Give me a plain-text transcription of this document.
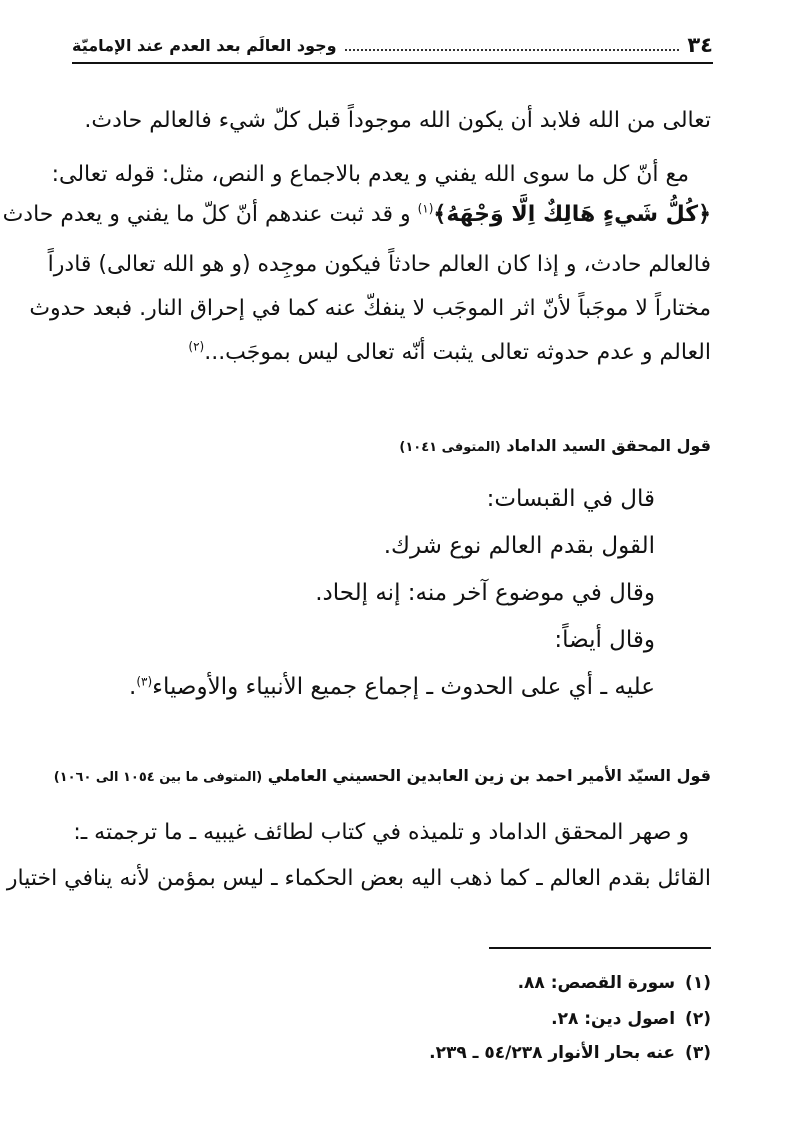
٣٤
وجود العالَم بعد العدم عند الإماميّة
تعالى من الله فلابد أن يكون الله موجوداً قبل كلّ شيء فالعالم حادث.
مع أنّ كل ما سوى الله يفني و يعدم بالاجماع و النص، مثل: قوله تعالى:
﴿كُلُّ شَيءٍ هَالِكٌ اِلَّا وَجْهَهُ﴾$^{(١)}$ و قد ثبت عندهم أنّ كلّ ما يفني و يعدم حادث
فالعالم حادث، و إذا كان العالم حادثاً فيكون موجِده (و هو الله تعالى) قادراً
مختاراً لا موجَباً لأنّ اثر الموجَب لا ينفكّ عنه كما في إحراق النار. فبعد حدوث
العالم و عدم حدوثه تعالى يثبت أنّه تعالى ليس بموجَب...$^{(٢)}$
قول المحقق السيد الداماد (المتوفى ١٠٤١)
قال في القبسات:
القول بقدم العالم نوع شرك.
وقال في موضوع آخر منه: إنه إلحاد.
وقال أيضاً:
عليه ـ أي على الحدوث ـ إجماع جميع الأنبياء والأوصياء$^{(٣)}$.
قول السيّد الأمير احمد بن زين العابدين الحسيني العاملي (المتوفى ما بين ١٠٥٤ الى ١٠٦٠)
و صهر المحقق الداماد و تلميذه في كتاب لطائف غيبيه ـ ما ترجمته ـ:
القائل بقدم العالم ـ كما ذهب اليه بعض الحكماء ـ ليس بمؤمن لأنه ينافي اختيار
(١)سورة القصص: ٨٨.
(٢)اصول دين: ٢٨.
(٣)عنه بحار الأنوار ٥٤/٢٣٨ ـ ٢٣٩.
